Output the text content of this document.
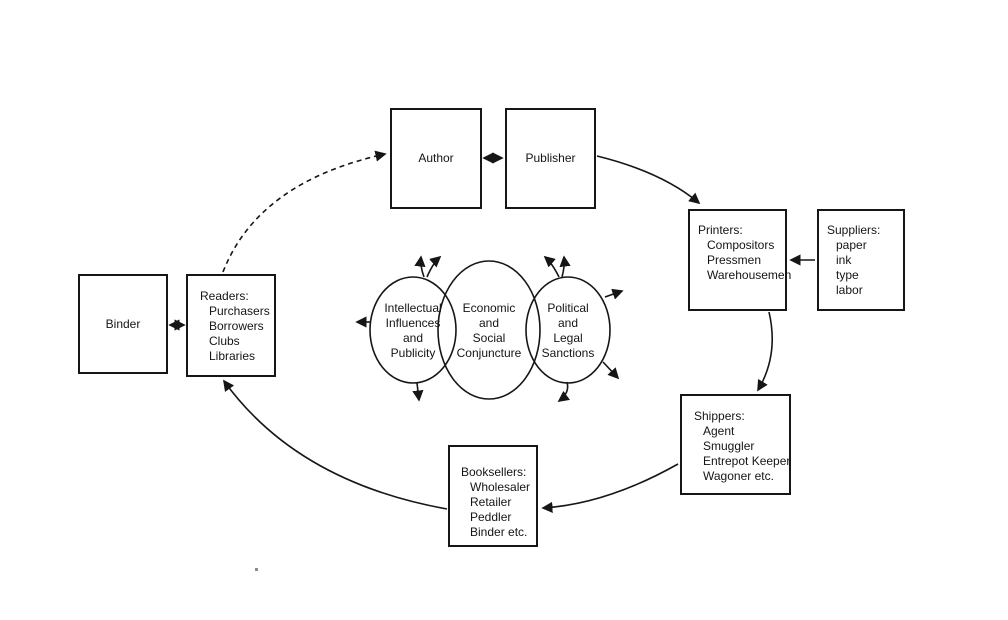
Author	Publisher
Printers:
Compositors
Pressmen
Warehousemen
Suppliers:
paper
ink
type
labor
Shippers:
Agent
Smuggler
Entrepot Keeper
Wagoner etc.
Booksellers:
Wholesaler
Retailer
Peddler
Binder etc.
Binder
Readers:
Purchasers
Borrowers
Clubs
Libraries
Intellectual
Influences
and
Publicity
Economic
and
Social
Conjuncture
Political
and
Legal
Sanctions
